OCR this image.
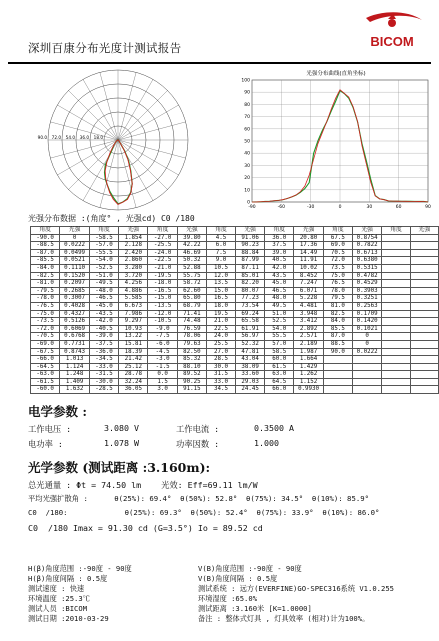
深圳百康分布光度计测试报告	BICOM
90.0 72.0 54.0 36.0 18.0
光强分布曲线(直角坐标)
100
90
80
70
60
50
40
30
20
10
0
-90	-60	-30	0	30	60	90
光强分布数据 :(角度° , 光强cd) C0 /180
角度	光强	角度	光强	角度	光强	角度	光强	角度	光强	角度	光强	角度	光强
-90.0	0	-58.5	1.854	-27.0	39.80	4.5	91.06	36.0	20.80	67.5	0.8754		
-88.5	0.0222	-57.0	2.128	-25.5	42.22	6.0	90.23	37.5	17.36	69.0	0.7822		
-87.0	0.0499	-55.5	2.420	-24.0	46.69	7.5	88.84	39.0	14.49	70.5	0.6713		
-85.5	0.0521	-54.0	2.860	-22.5	50.32	9.0	87.99	40.5	11.91	72.0	0.6380		
-84.0	0.1110	-52.5	3.280	-21.0	52.88	10.5	87.11	42.0	10.02	73.5	0.5315		
-82.5	0.1520	-51.0	3.720	-19.5	55.75	12.0	85.01	43.5	8.452	75.0	0.4782		
-81.0	0.2097	-49.5	4.256	-18.0	58.72	13.5	82.20	45.0	7.247	76.5	0.4529		
-79.5	0.2685	-48.0	4.886	-16.5	62.60	15.0	80.07	46.5	6.071	78.0	0.3903		
-78.0	0.3007	-46.5	5.585	-15.0	65.80	16.5	77.23	48.0	5.228	79.5	0.3251		
-76.5	0.4028	-45.0	6.673	-13.5	68.79	18.0	73.54	49.5	4.481	81.0	0.2563		
-75.0	0.4327	-43.5	7.986	-12.0	71.41	19.5	69.24	51.0	3.948	82.5	0.1709		
-73.5	0.5126	-42.0	9.297	-10.5	74.48	21.0	65.58	52.5	3.412	84.0	0.1420		
-72.0	0.6069	-40.5	10.93	-9.0	76.59	22.5	61.91	54.0	2.892	85.5	0.1021		
-70.5	0.6768	-39.0	13.22	-7.5	78.06	24.0	56.97	55.5	2.571	87.0	0		
-69.0	0.7731	-37.5	15.81	-6.0	79.63	25.5	52.32	57.0	2.189	88.5	0		
-67.5	0.8743	-36.0	18.39	-4.5	82.50	27.0	47.81	58.5	1.987	90.0	0.0222		
-66.0	1.013	-34.5	21.42	-3.0	85.32	28.5	43.04	60.0	1.664				
-64.5	1.124	-33.0	25.12	-1.5	88.10	30.0	38.09	61.5	1.429				
-63.0	1.248	-31.5	28.78	0.0	89.52	31.5	33.60	63.0	1.262				
-61.5	1.409	-30.0	32.24	1.5	90.25	33.0	29.03	64.5	1.152				
-60.0	1.632	-28.5	36.05	3.0	91.15	34.5	24.45	66.0	0.9930				
电学参数 :
工作电压 :	3.080 V	工作电流 :	0.3500 A
电功率 :	1.078 W	功率因数 :	1.000
光学参数 (测试距离 :3.160m):
总光通量 : Φt = 74.50 lm    光效: Eff=69.11 lm/W
平均光强扩散角 :      θ(25%): 69.4°  θ(50%): 52.8°  θ(75%): 34.5°  θ(10%): 85.9°
C0  /180:             θ(25%): 69.3°  θ(50%): 52.4°  θ(75%): 33.9°  θ(10%): 86.0°
C0  /180 Imax = 91.30 cd (G=3.5°) Io = 89.52 cd
H(β)角度范围 :-90度 - 90度
H(β)角度间隔 : 0.5度
测试速度 : 快速
环境温度 :25.3℃
测试人员 :BICOM
测试日期 :2010-03-29
V(B)角度范围 :-90度 - 90度
V(B)角度间隔 : 0.5度
测试系统 : 远方(EVERFINE)GO-SPEC316系统 V1.0.255
环境湿度 :65.0%
测试距离 :3.160米 [K=1.0000]
备注 : 整体式灯具 , 灯具效率 (相对)计为100%。
